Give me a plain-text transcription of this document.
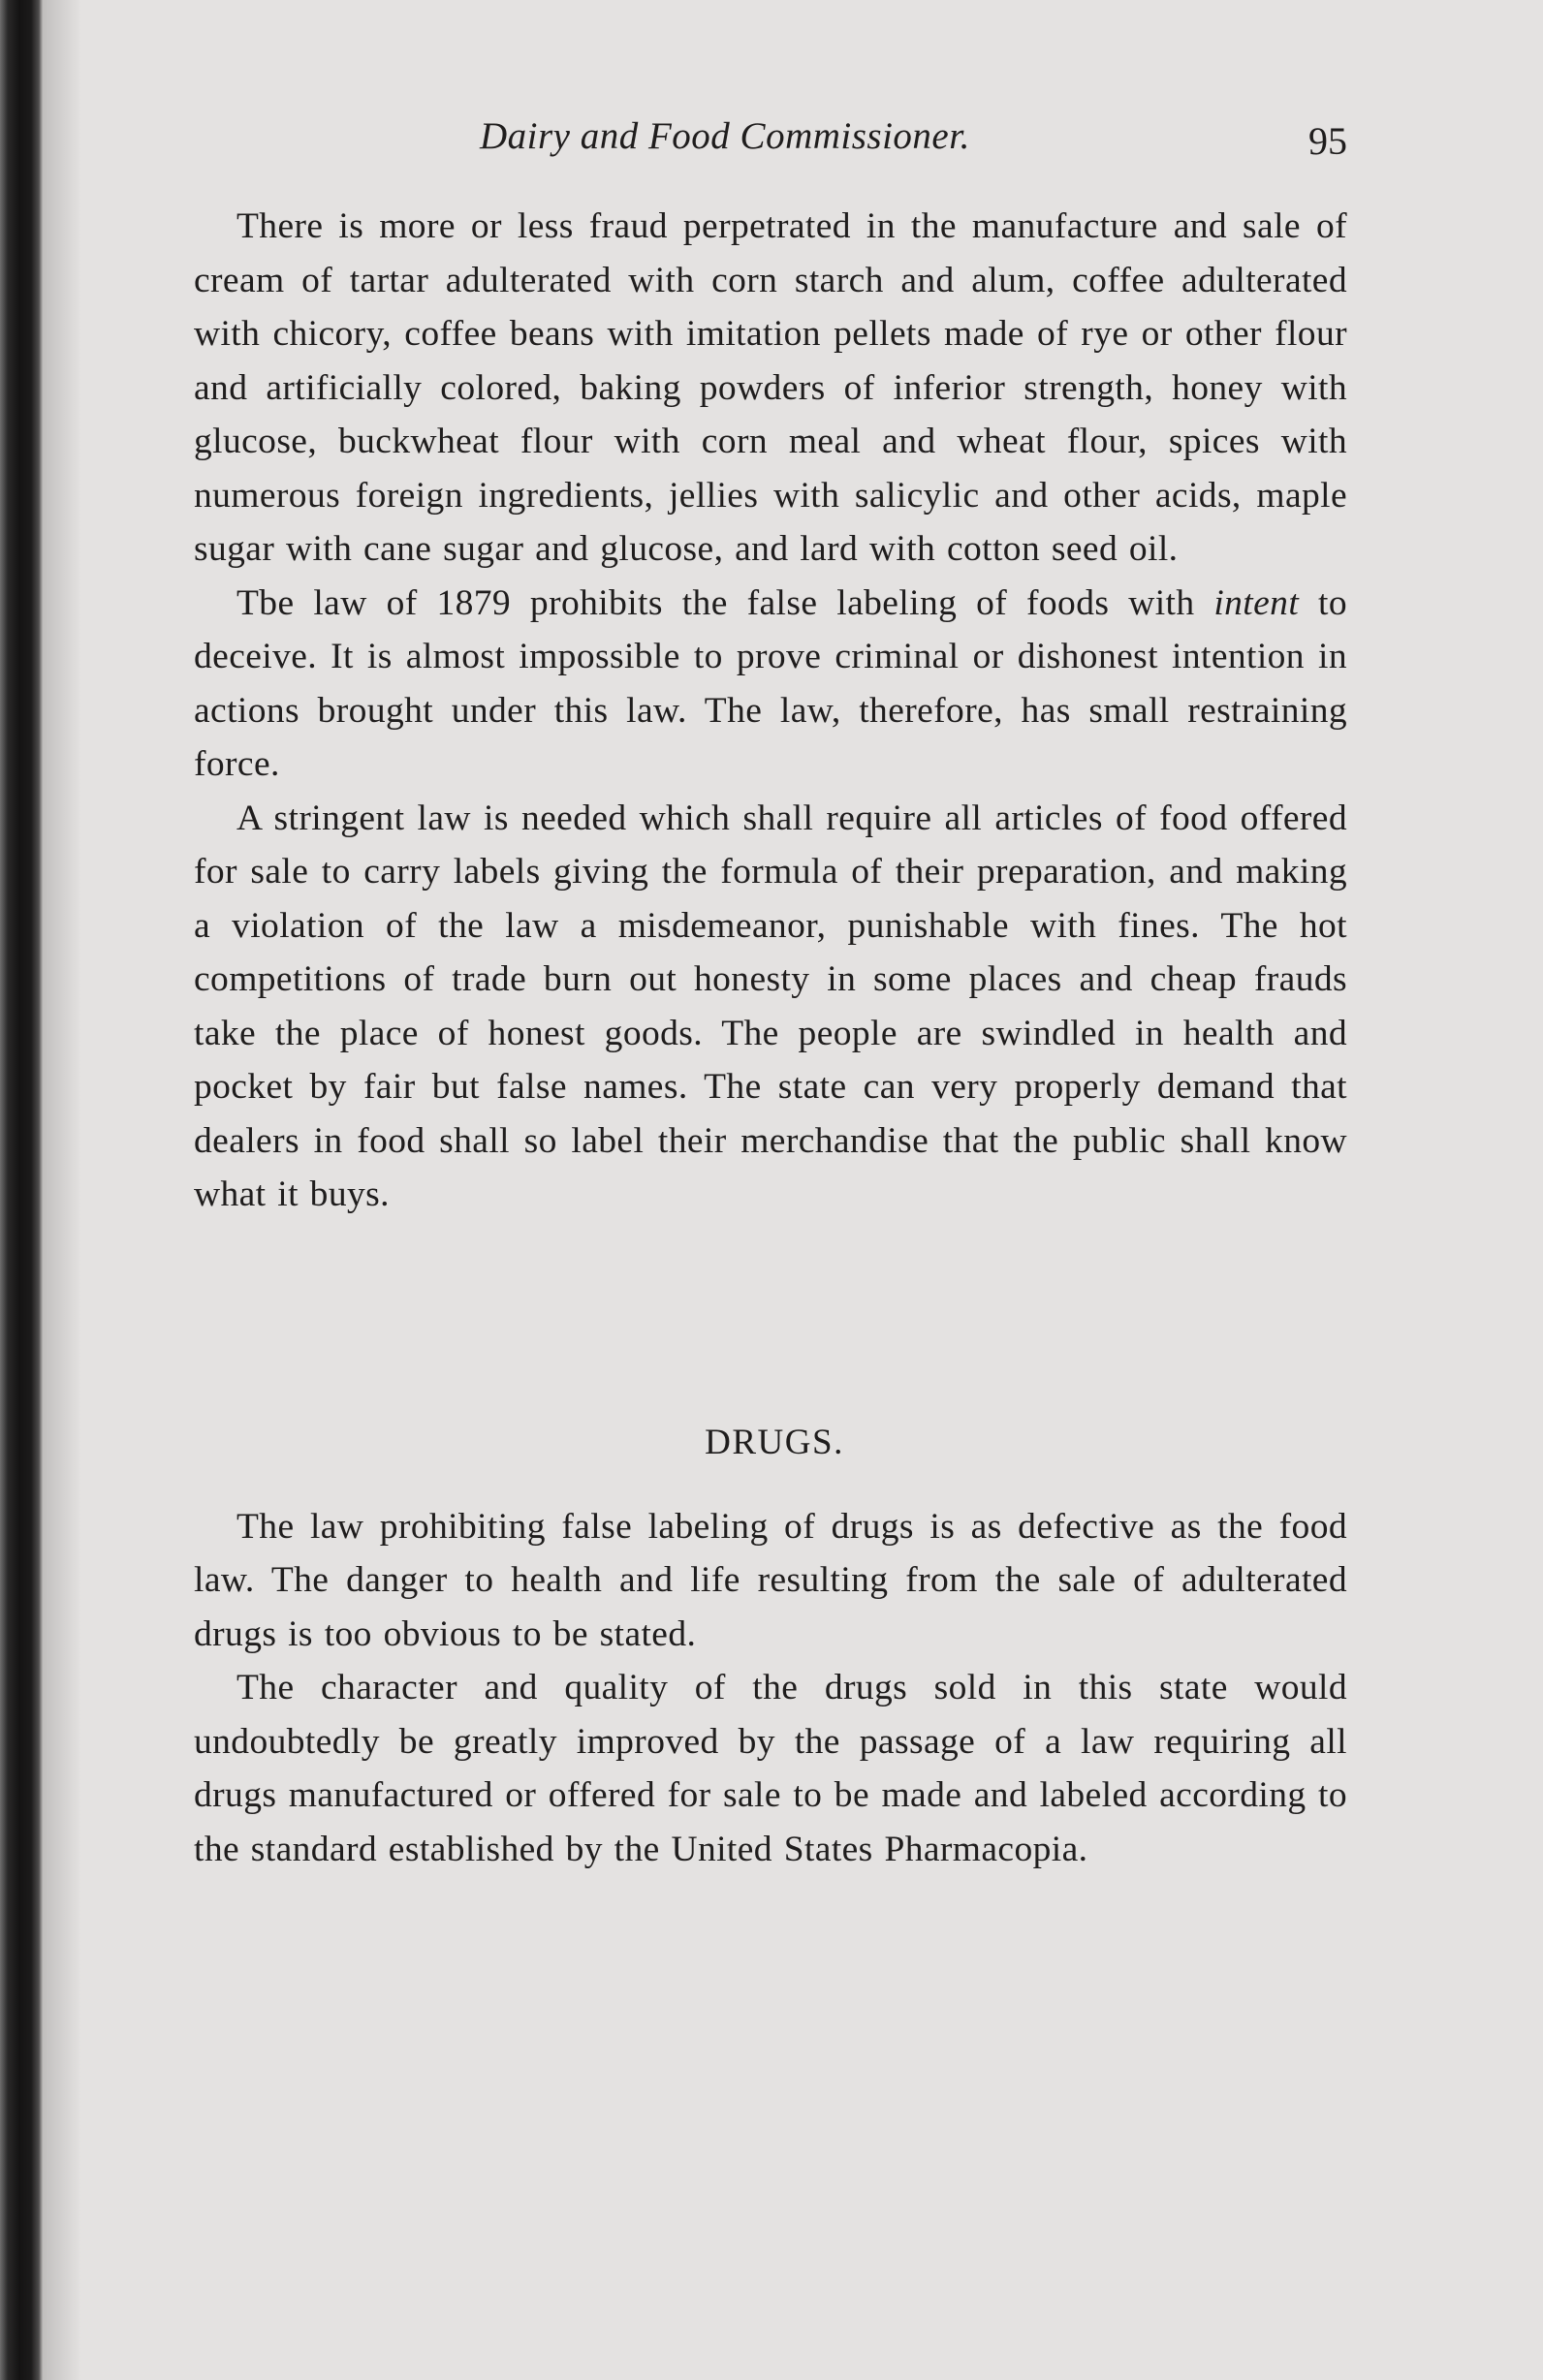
Dairy and Food Commissioner.	95

There is more or less fraud perpetrated in the manufacture and sale of cream of tartar adulterated with corn starch and alum, coffee adulterated with chicory, coffee beans with imitation pellets made of rye or other flour and artificially colored, baking powders of inferior strength, honey with glucose, buckwheat flour with corn meal and wheat flour, spices with numerous foreign ingredients, jellies with salicylic and other acids, maple sugar with cane sugar and glucose, and lard with cotton seed oil.

Tbe law of 1879 prohibits the false labeling of foods with intent to deceive. It is almost impossible to prove criminal or dishonest intention in actions brought under this law. The law, therefore, has small restraining force.

A stringent law is needed which shall require all articles of food offered for sale to carry labels giving the formula of their preparation, and making a violation of the law a misdemeanor, punishable with fines. The hot competitions of trade burn out honesty in some places and cheap frauds take the place of honest goods. The people are swindled in health and pocket by fair but false names. The state can very properly demand that dealers in food shall so label their merchandise that the public shall know what it buys.

DRUGS.

The law prohibiting false labeling of drugs is as defective as the food law. The danger to health and life resulting from the sale of adulterated drugs is too obvious to be stated.

The character and quality of the drugs sold in this state would undoubtedly be greatly improved by the passage of a law requiring all drugs manufactured or offered for sale to be made and labeled according to the standard established by the United States Pharmacopia.
